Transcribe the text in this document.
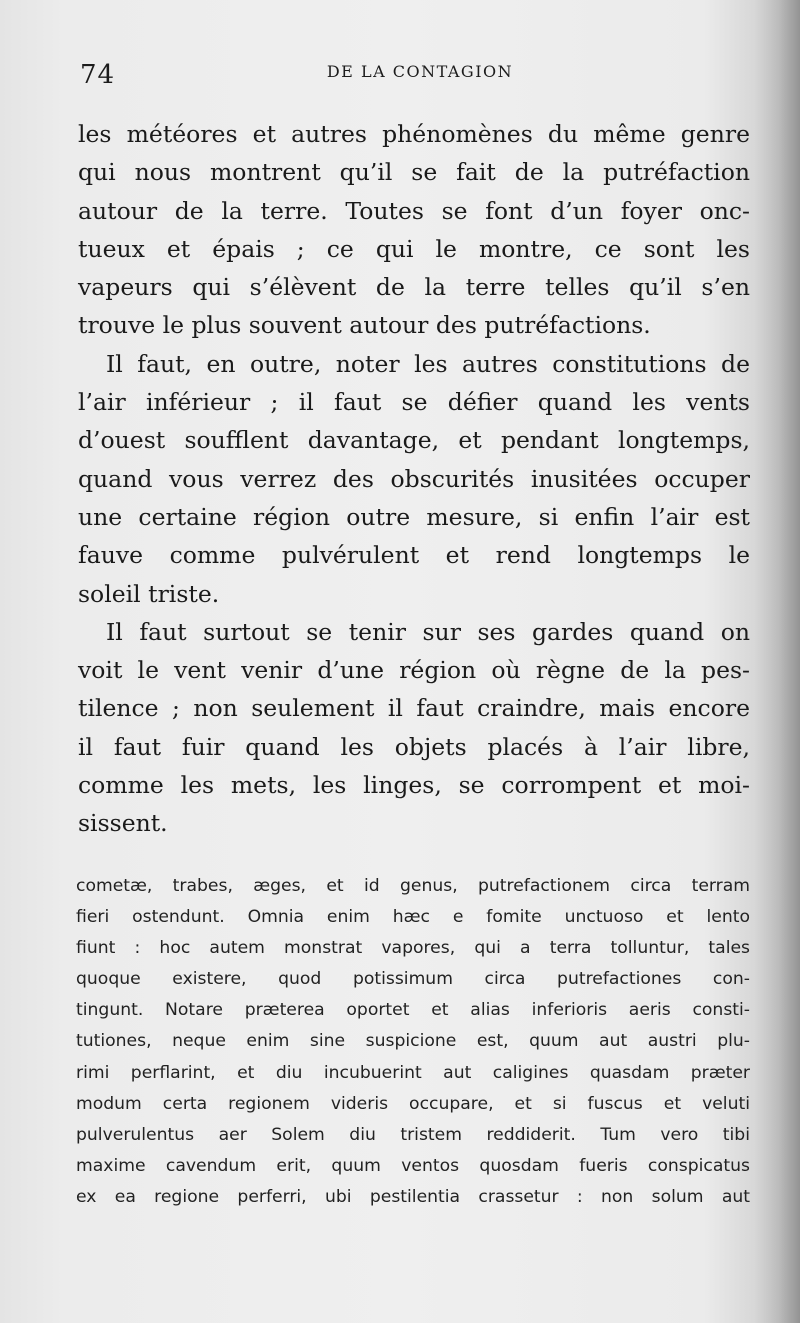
74	DE LA CONTAGION
les météores et autres phénomènes du même genre
qui nous montrent qu’il se fait de la putréfaction
autour de la terre. Toutes se font d’un foyer onc-
tueux et épais ; ce qui le montre, ce sont les
vapeurs qui s’élèvent de la terre telles qu’il s’en
trouve le plus souvent autour des putréfactions.
Il faut, en outre, noter les autres constitutions de
l’air inférieur ; il faut se défier quand les vents
d’ouest soufflent davantage, et pendant longtemps,
quand vous verrez des obscurités inusitées occuper
une certaine région outre mesure, si enfin l’air est
fauve comme pulvérulent et rend longtemps le
soleil triste.
Il faut surtout se tenir sur ses gardes quand on
voit le vent venir d’une région où règne de la pes-
tilence ; non seulement il faut craindre, mais encore
il faut fuir quand les objets placés à l’air libre,
comme les mets, les linges, se corrompent et moi-
sissent.
cometæ, trabes, æges, et id genus, putrefactionem circa terram
fieri ostendunt. Omnia enim hæc e fomite unctuoso et lento
fiunt : hoc autem monstrat vapores, qui a terra tolluntur, tales
quoque existere, quod potissimum circa putrefactiones con-
tingunt. Notare præterea oportet et alias inferioris aeris consti-
tutiones, neque enim sine suspicione est, quum aut austri plu-
rimi perflarint, et diu incubuerint aut caligines quasdam præter
modum certa regionem videris occupare, et si fuscus et veluti
pulverulentus aer Solem diu tristem reddiderit. Tum vero tibi
maxime cavendum erit, quum ventos quosdam fueris conspicatus
ex ea regione perferri, ubi pestilentia crassetur : non solum aut
